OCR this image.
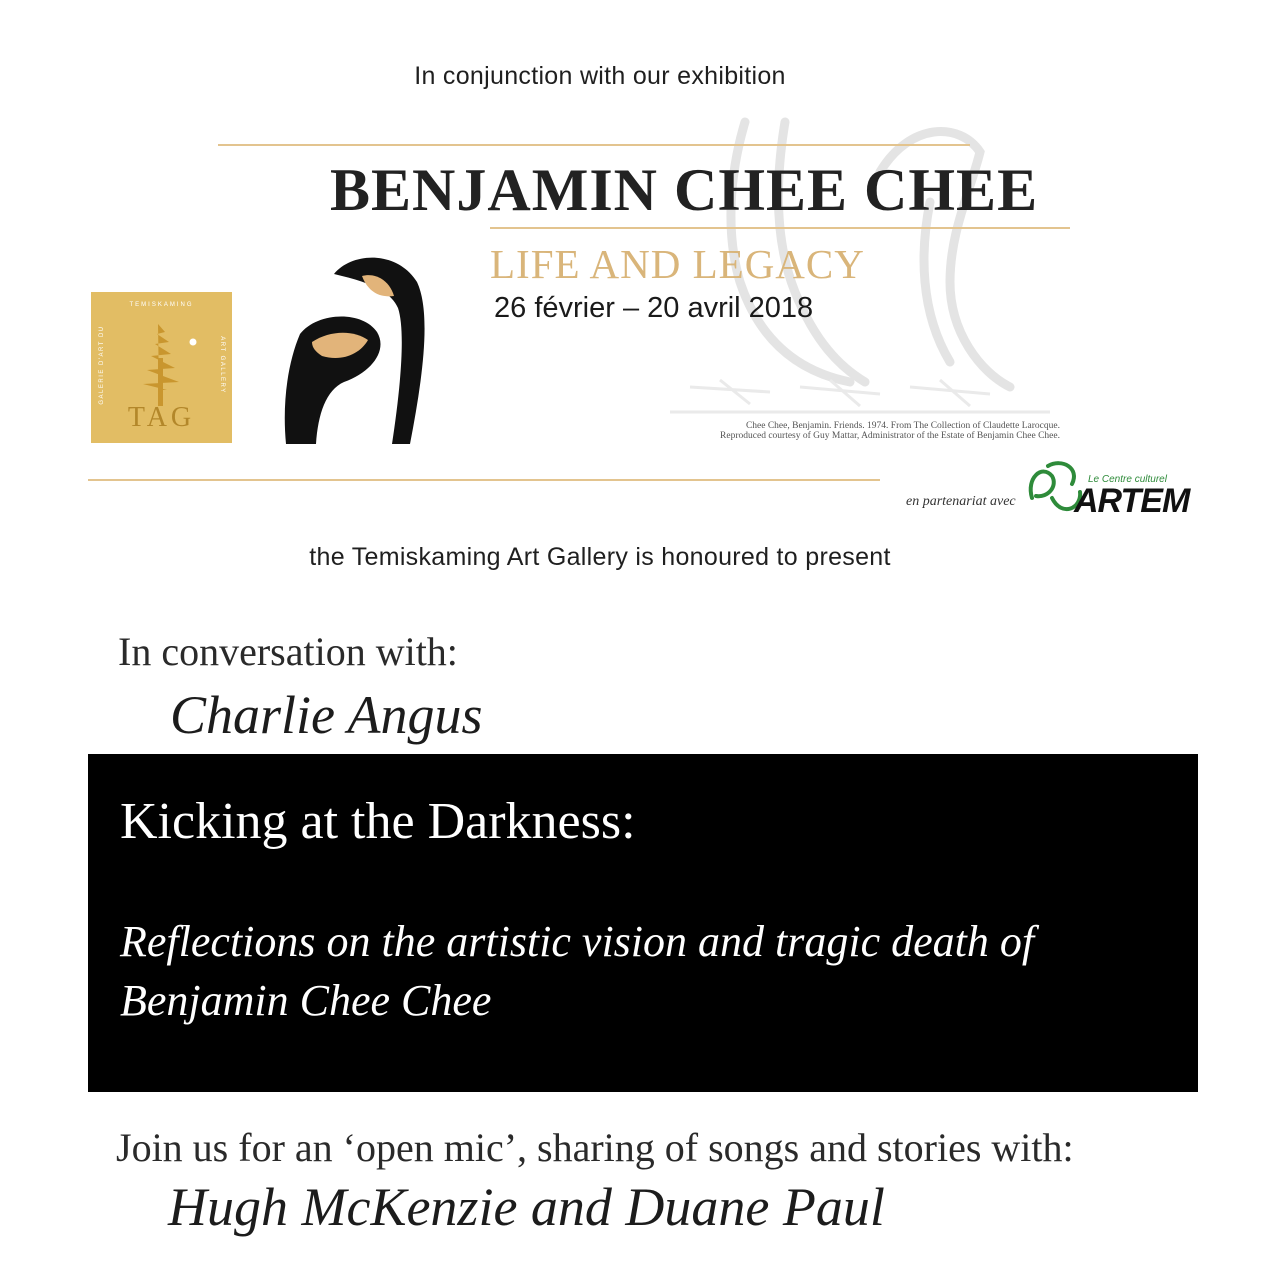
In conjunction with our exhibition
BENJAMIN CHEE CHEE
LIFE AND LEGACY
26 février – 20 avril 2018
Chee Chee, Benjamin. Friends. 1974. From The Collection of Claudette Larocque.
Reproduced courtesy of Guy Mattar, Administrator of the Estate of Benjamin Chee Chee.
TEMISKAMING
GALERIE D'ART DU	ART GALLERY
TAG
en partenariat avec
Le Centre culturel
ARTEM
the Temiskaming Art Gallery is honoured to present
In conversation with:
Charlie Angus
Kicking at the Darkness:
Reflections on the artistic vision and tragic death of Benjamin Chee Chee
Join us for an ‘open mic’, sharing of songs and stories with:
Hugh McKenzie and Duane Paul
